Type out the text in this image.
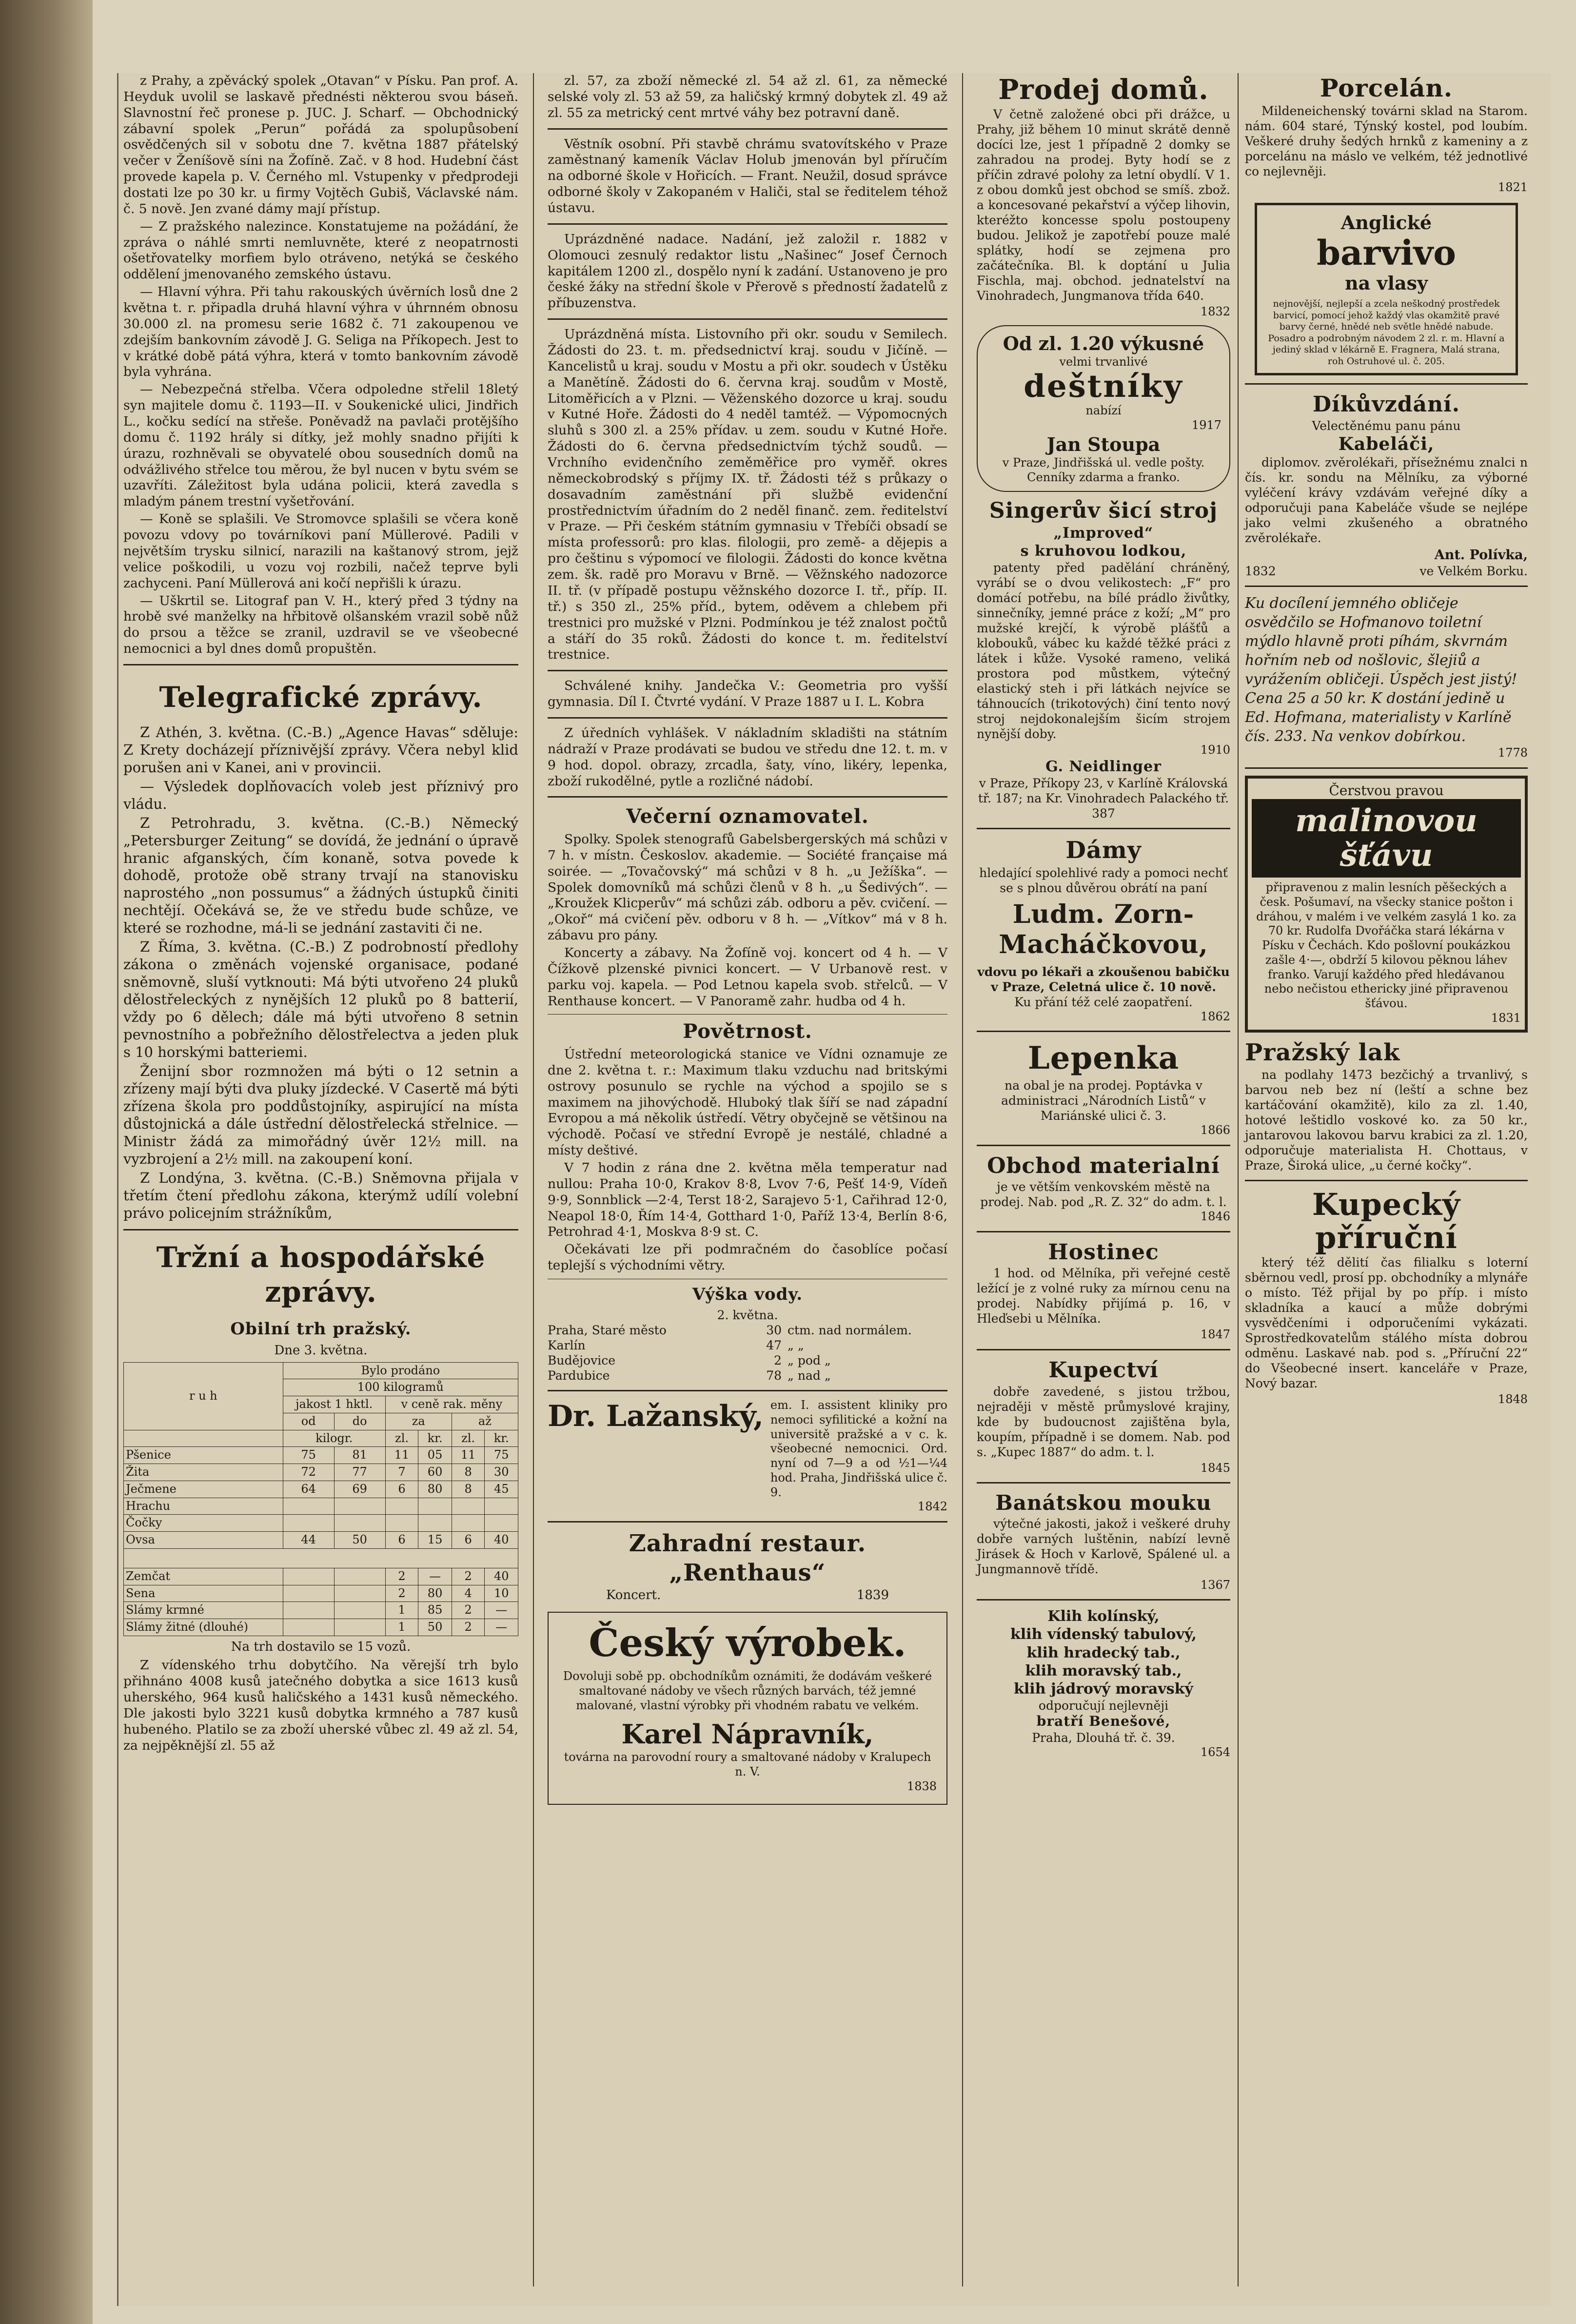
z Prahy, a zpěvácký spolek „Otavan“ v Písku. Pan prof. A. Heyduk uvolil se laskavě přednésti některou svou báseň. Slavnostní řeč pronese p. JUC. J. Scharf. — Obchodnický zábavní spolek „Perun“ pořádá za spolupůsobení osvědčených sil v sobotu dne 7. května 1887 přátelský večer v Ženíšově síni na Žofíně. Zač. v 8 hod. Hudební část provede kapela p. V. Černého ml. Vstupenky v předprodeji dostati lze po 30 kr. u firmy Vojtěch Gubiš, Václavské nám. č. 5 nově. Jen zvané dámy mají přístup.

— Z pražského nalezince. Konstatujeme na požádání, že zpráva o náhlé smrti nemluvněte, které z neopatrnosti ošetřovatelky morfiem bylo otráveno, netýká se českého oddělení jmenovaného zemského ústavu.

— Hlavní výhra. Při tahu rakouských úvěrních losů dne 2 května t. r. připadla druhá hlavní výhra v úhrnném obnosu 30.000 zl. na promesu serie 1682 č. 71 zakoupenou ve zdejším bankovním závodě J. G. Seliga na Příkopech. Jest to v krátké době pátá výhra, která v tomto bankovním závodě byla vyhrána.

— Nebezpečná střelba. Včera odpoledne střelil 18letý syn majitele domu č. 1193—II. v Soukenické ulici, Jindřich L., kočku sedící na střeše. Poněvadž na pavlači protějšího domu č. 1192 hrály si dítky, jež mohly snadno přijíti k úrazu, rozhněvali se obyvatelé obou sousedních domů na odvážlivého střelce tou měrou, že byl nucen v bytu svém se uzavříti. Záležitost byla udána policii, která zavedla s mladým pánem trestní vyšetřování.

— Koně se splašili. Ve Stromovce splašili se včera koně povozu vdovy po továrníkovi paní Müllerové. Padili v největším trysku silnicí, narazili na kaštanový strom, jejž velice poškodili, u vozu voj rozbili, načež teprve byli zachyceni. Paní Müllerová ani kočí nepřišli k úrazu.

— Uškrtil se. Litograf pan V. H., který před 3 týdny na hrobě své manželky na hřbitově olšanském vrazil sobě nůž do prsou a těžce se zranil, uzdravil se ve všeobecné nemocnici a byl dnes domů propuštěn.

Telegrafické zprávy.

Z Athén, 3. května. (C.-B.) „Agence Havas“ sděluje: Z Krety docházejí příznivější zprávy. Včera nebyl klid porušen ani v Kanei, ani v provincii.

— Výsledek doplňovacích voleb jest příznivý pro vládu.

Z Petrohradu, 3. května. (C.-B.) Německý „Petersburger Zeitung“ se dovídá, že jednání o úpravě hranic afganských, čím konaně, sotva povede k dohodě, protože obě strany trvají na stanovisku naprostého „non possumus“ a žádných ústupků činiti nechtějí. Očekává se, že ve středu bude schůze, ve které se rozhodne, má-li se jednání zastaviti či ne.

Z Říma, 3. května. (C.-B.) Z podrobností předlohy zákona o změnách vojenské organisace, podané sněmovně, sluší vytknouti: Má býti utvořeno 24 pluků dělostřeleckých z nynějších 12 pluků po 8 batterií, vždy po 6 dělech; dále má býti utvořeno 8 setnin pevnostního a pobřežního dělostřelectva a jeden pluk s 10 horskými batteriemi.

Ženijní sbor rozmnožen má býti o 12 setnin a zřízeny mají býti dva pluky jízdecké. V Casertě má býti zřízena škola pro poddůstojníky, aspirující na místa důstojnická a dále ústřední dělostřelecká střelnice. — Ministr žádá za mimořádný úvěr 12½ mill. na vyzbrojení a 2½ mill. na zakoupení koní.

Z Londýna, 3. května. (C.-B.) Sněmovna přijala v třetím čtení předlohu zákona, kterýmž udílí volební právo policejním strážníkům,

Tržní a hospodářské zprávy.
Obilní trh pražský.
Dne 3. května.
r u h	Bylo prodáno					
	100 kilogramů					
	jakost 1 hktl.		v ceně rak. měny			
	od	do	za		až	
	kilogr.		zl.	kr.	zl.	kr.
Pšenice	75	81	11	05	11	75
Žita	72	77	7	60	8	30
Ječmene	64	69	6	80	8	45
Hrachu						
Čočky						
Ovsa	44	50	6	15	6	40

Zemčat			2	—	2	40
Sena			2	80	4	10
Slámy krmné			1	85	2	—
Slámy žitné (dlouhé)			1	50	2	—
Na trh dostavilo se 15 vozů.

Z vídenského trhu dobytčího. Na věrejší trh bylo přihnáno 4008 kusů jatečného dobytka a sice 1613 kusů uherského, 964 kusů haličského a 1431 kusů německého. Dle jakosti bylo 3221 kusů dobytka krmného a 787 kusů hubeného. Platilo se za zboží uherské vůbec zl. 49 až zl. 54, za nejpěknější zl. 55 až

zl. 57, za zboží německé zl. 54 až zl. 61, za německé selské voly zl. 53 až 59, za haličský krmný dobytek zl. 49 až zl. 55 za metrický cent mrtvé váhy bez potravní daně.

Věstník osobní. Při stavbě chrámu svatovítského v Praze zaměstnaný kameník Václav Holub jmenován byl příručím na odborné škole v Hořicích. — Frant. Neužil, dosud správce odborné školy v Zakopaném v Haliči, stal se ředitelem téhož ústavu.

Uprázdněné nadace. Nadání, jež založil r. 1882 v Olomouci zesnulý redaktor listu „Našinec“ Josef Černoch kapitálem 1200 zl., dospělo nyní k zadání. Ustanoveno je pro české žáky na střední škole v Přerově s předností žadatelů z příbuzenstva.

Uprázdněná místa. Listovního při okr. soudu v Semilech. Žádosti do 23. t. m. předsednictví kraj. soudu v Jičíně. — Kancelistů u kraj. soudu v Mostu a při okr. soudech v Ústěku a Manětíně. Žádosti do 6. června kraj. soudům v Mostě, Litoměřicích a v Plzni. — Věženského dozorce u kraj. soudu v Kutné Hoře. Žádosti do 4 neděl tamtéž. — Výpomocných sluhů s 300 zl. a 25% přídav. u zem. soudu v Kutné Hoře. Žádosti do 6. června předsednictvím týchž soudů. — Vrchního evidenčního zeměměřice pro vyměř. okres německobrodský s příjmy IX. tř. Žádosti též s průkazy o dosavadním zaměstnání při službě evidenční prostřednictvím úřadním do 2 neděl finanč. zem. ředitelství v Praze. — Při českém státním gymnasiu v Třebíči obsadí se místa professorů: pro klas. filologii, pro země- a dějepis a pro češtinu s výpomocí ve filologii. Žádosti do konce května zem. šk. radě pro Moravu v Brně. — Věžnského nadozorce II. tř. (v případě postupu věžnského dozorce I. tř., příp. II. tř.) s 350 zl., 25% příd., bytem, oděvem a chlebem při trestnici pro mužské v Plzni. Podmínkou je též znalost počtů a stáří do 35 roků. Žádosti do konce t. m. ředitelství trestnice.

Schválené knihy. Jandečka V.: Geometria pro vyšší gymnasia. Díl I. Čtvrté vydání. V Praze 1887 u I. L. Kobra

Z úředních vyhlášek. V nákladním skladišti na státním nádraží v Praze prodávati se budou ve středu dne 12. t. m. v 9 hod. dopol. obrazy, zrcadla, šaty, víno, likéry, lepenka, zboží rukodělné, pytle a rozličné nádobí.

Večerní oznamovatel.

Spolky. Spolek stenografů Gabelsbergerských má schůzi v 7 h. v místn. Českoslov. akademie. — Société française má soirée. — „Tovačovský“ má schůzi v 8 h. „u Ježíška“. — Spolek domovníků má schůzi členů v 8 h. „u Šedivých“. — „Kroužek Klicperův“ má schůzi záb. odboru a pěv. cvičení. — „Okoř“ má cvičení pěv. odboru v 8 h. — „Vítkov“ má v 8 h. zábavu pro pány.

Koncerty a zábavy. Na Žofíně voj. koncert od 4 h. — V Čížkově plzenské pivnici koncert. — V Urbanově rest. v parku voj. kapela. — Pod Letnou kapela svob. střelců. — V Renthause koncert. — V Panoramě zahr. hudba od 4 h.

Povětrnost.

Ústřední meteorologická stanice ve Vídni oznamuje ze dne 2. května t. r.: Maximum tlaku vzduchu nad britskými ostrovy posunulo se rychle na východ a spojilo se s maximem na jihovýchodě. Hluboký tlak šíří se nad západní Evropou a má několik ústředí. Větry obyčejně se většinou na východě. Počasí ve střední Evropě je nestálé, chladné a místy deštivé.

V 7 hodin z rána dne 2. května měla temperatur nad nullou: Praha 10·0, Krakov 8·8, Lvov 7·6, Pešť 14·9, Vídeň 9·9, Sonnblick —2·4, Terst 18·2, Sarajevo 5·1, Cařihrad 12·0, Neapol 18·0, Řím 14·4, Gotthard 1·0, Paříž 13·4, Berlín 8·6, Petrohrad 4·1, Moskva 8·9 st. C.

Očekávati lze při podmračném do časoblíce počasí teplejší s východními větry.

Výška vody.
2. května.
Praha, Staré město	30 ctm. nad normálem.
Karlín	47 „ „
Budějovice	2 „ pod „
Pardubice	78 „ nad „
Dr. Lažanský, em. I. assistent kliniky pro nemoci syfilitické a kožní na universitě pražské a v c. k. všeobecné nemocnici. Ord. nyní od 7—9 a od ½1—¼4 hod. Praha, Jindřišská ulice č. 9.
1842
Zahradní restaur. „Renthaus“
Koncert.	1839
Český výrobek.
Dovoluji sobě pp. obchodníkům oznámiti, že dodávám veškeré smaltované nádoby ve všech různých barvách, též jemné malované, vlastní výrobky při vhodném rabatu ve velkém.
Karel Nápravník,
továrna na parovodní roury a smaltované nádoby v Kralupech n. V.
1838
Prodej domů.

V četně založené obci při drážce, u Prahy, již během 10 minut skrátě denně docíci lze, jest 1 případně 2 domky se zahradou na prodej. Byty hodí se z příčin zdravé polohy za letní obydlí. V 1. z obou domků jest obchod se smíš. zbož. a koncesované pekařství a výčep lihovin, kteréžto koncesse spolu postoupeny budou. Jelikož je zapotřebí pouze malé splátky, hodí se zejmena pro začátečníka. Bl. k doptání u Julia Fischla, maj. obchod. jednatelství na Vinohradech, Jungmanova třída 640.

1832
Od zl. 1.20 výkusné
velmi trvanlivé
deštníky
nabízí
1917
Jan Stoupa
v Praze, Jindřišská ul. vedle pošty. Cenníky zdarma a franko.
Singerův šicí stroj
„Improved“
s kruhovou lodkou,

patenty před padělání chráněný, vyrábí se o dvou velikostech: „F“ pro domácí potřebu, na bílé prádlo živůtky, sinnečníky, jemné práce z koží; „M“ pro mužské krejčí, k výrobě plášťů a klobouků, vábec ku každé těžké práci z látek i kůže. Vysoké rameno, veliká prostora pod můstkem, výtečný elastický steh i při látkách nejvíce se táhnoucích (trikotových) činí tento nový stroj nejdokonalejším šicím strojem nynější doby.

1910
G. Neidlinger
v Praze, Příkopy 23, v Karlíně Královská tř. 187; na Kr. Vinohradech Palackého tř. 387
Dámy
hledající spolehlivé rady a pomoci nechť se s plnou důvěrou obrátí na paní
Ludm. Zorn-Macháčkovou,
vdovu po lékaři a zkoušenou babičku v Praze, Celetná ulice č. 10 nově.
Ku přání též celé zaopatření.
1862
Lepenka
na obal je na prodej. Poptávka v administraci „Národních Listů“ v Mariánské ulici č. 3.
1866
Obchod materialní
je ve větším venkovském městě na prodej. Nab. pod „R. Z. 32“ do adm. t. l.
1846
Hostinec

1 hod. od Mělníka, při veřejné cestě ležící je z volné ruky za mírnou cenu na prodej. Nabídky přijímá p. 16, v Hleďsebi u Mělníka.

1847
Kupectví

dobře zavedené, s jistou tržbou, nejraději v městě průmyslové krajiny, kde by budoucnost zajištěna byla, koupím, případně i se domem. Nab. pod s. „Kupec 1887“ do adm. t. l.

1845
Banátskou mouku

výtečné jakosti, jakož i veškeré druhy dobře varných luštěnin, nabízí levně Jirásek & Hoch v Karlově, Spálené ul. a Jungmannově třídě.

1367
Klih kolínský,
klih vídenský tabulový,
klih hradecký tab.,
klih moravský tab.,
klih jádrový moravský
odporučují nejlevněji
bratří Benešové,
Praha, Dlouhá tř. č. 39.
1654
Porcelán.

Mildeneichenský továrni sklad na Starom. nám. 604 staré, Týnský kostel, pod loubím. Veškeré druhy šedých hrnků z kameniny a z porcelánu na máslo ve velkém, též jednotlivé co nejlevněji.

1821
Anglické
barvivo
na vlasy
nejnovější, nejlepší a zcela neškodný prostředek barvicí, pomocí jehož každý vlas okamžitě pravé barvy černé, hnědé neb světle hnědé nabude. Posadro a podrobným návodem 2 zl. r. m. Hlavní a jediný sklad v lékárně E. Fragnera, Malá strana, roh Ostruhové ul. č. 205.
Díkůvzdání.
Velectěnému panu pánu
Kabeláči,

diplomov. zvěrolékaři, přísežnému znalci n čís. kr. sondu na Mělníku, za výborné vyléčení krávy vzdávám veřejné díky a odporučuji pana Kabeláče všude se nejlépe jako velmi zkušeného a obratného zvěrolékaře.

Ant. Polívka,
1832	ve Velkém Borku.
Ku docílení jemného obličeje osvědčilo se Hofmanovo toiletní mýdlo hlavně proti píhám, skvrnám hořním neb od nošlovic, šlejiů a vyrážením obličeji. Úspěch jest jistý! Cena 25 a 50 kr. K dostání jedině u Ed. Hofmana, materialisty v Karlíně čís. 233. Na venkov dobírkou.
1778
Čerstvou pravou
malinovou šťávu
připravenou z malin lesních pěšeckých a česk. Pošumaví, na všecky stanice pošton i dráhou, v malém i ve velkém zasylá 1 ko. za 70 kr. Rudolfa Dvořáčka stará lékárna v Písku v Čechách. Kdo pošlovní poukázkou zašle 4·—, obdrží 5 kilovou pěknou láhev franko. Varují každého před hledávanou nebo nečistou ethericky jiné připravenou šťávou.
1831
Pražský lak

na podlahy 1473 bezčichý a trvanlivý, s barvou neb bez ní (leští a schne bez kartáčování okamžitě), kilo za zl. 1.40, hotové leštidlo voskové ko. za 50 kr., jantarovou lakovou barvu krabici za zl. 1.20, odporučuje materialista H. Chottaus, v Praze, Široká ulice, „u černé kočky“.

Kupecký příruční

který též dělití čas filialku s loterní sběrnou vedl, prosí pp. obchodníky a mlynáře o místo. Též přijal by po příp. i místo skladníka a kaucí a může dobrými vysvědčeními i odporučeními vykázati. Sprostředkovatelům stálého místa dobrou odměnu. Laskavé nab. pod s. „Příruční 22“ do Všeobecné insert. kanceláře v Praze, Nový bazar.

1848
